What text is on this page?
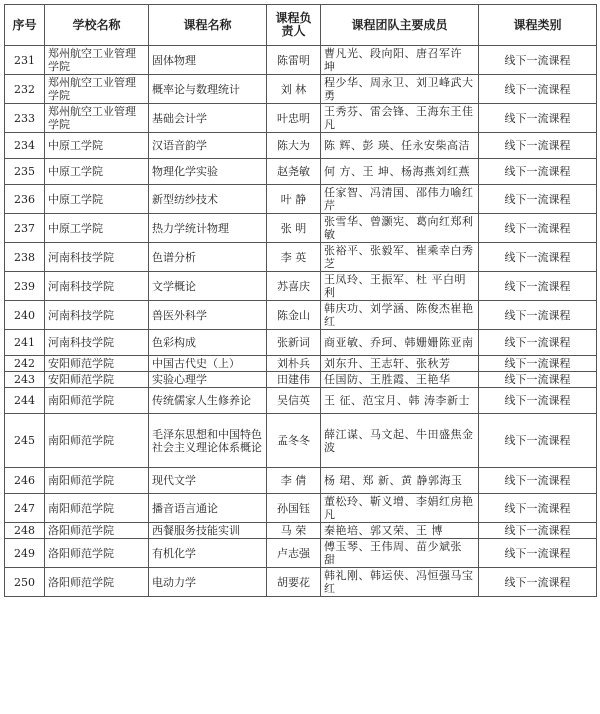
序号	学校名称	课程名称	课程负责人	课程团队主要成员	课程类别
231	郑州航空工业管理学院	固体物理	陈雷明	曹凡光、段向阳、唐召军许 坤	线下一流课程
232	郑州航空工业管理学院	概率论与数理统计	刘 林	程少华、周永卫、刘卫峰武大勇	线下一流课程
233	郑州航空工业管理学院	基础会计学	叶忠明	王秀芬、雷会锋、王海东王佳凡	线下一流课程
234	中原工学院	汉语音韵学	陈大为	陈 辉、彭 瑛、任永安柴高洁	线下一流课程
235	中原工学院	物理化学实验	赵尧敏	何 方、王 坤、杨海燕刘红燕	线下一流课程
236	中原工学院	新型纺纱技术	叶 静	任家智、冯清国、邵伟力喻红芹	线下一流课程
237	中原工学院	热力学统计物理	张 明	张雪华、曾灏宪、葛向红郑利敏	线下一流课程
238	河南科技学院	色谱分析	李 英	张裕平、张毅军、崔乘幸白秀芝	线下一流课程
239	河南科技学院	文学概论	苏喜庆	王凤玲、王振军、杜 平白明利	线下一流课程
240	河南科技学院	兽医外科学	陈金山	韩庆功、刘学涵、陈俊杰崔艳红	线下一流课程
241	河南科技学院	色彩构成	张新词	商亚敏、乔珂、韩姗姗陈亚南	线下一流课程
242	安阳师范学院	中国古代史（上）	刘朴兵	刘东升、王志轩、张秋芳	线下一流课程
243	安阳师范学院	实验心理学	田建伟	任国防、王胜霞、王艳华	线下一流课程
244	南阳师范学院	传统儒家人生修养论	吴信英	王 征、范宝月、韩 涛李新士	线下一流课程
245	南阳师范学院	毛泽东思想和中国特色社会主义理论体系概论	孟冬冬	薛江谋、马文起、牛田盛焦金波	线下一流课程
246	南阳师范学院	现代文学	李 倩	杨 珺、郑 新、黄 静郭海玉	线下一流课程
247	南阳师范学院	播音语言通论	孙国钰	董松玲、靳义增、李娟红房艳凡	线下一流课程
248	洛阳师范学院	西餐服务技能实训	马 荣	秦艳培、郭又荣、王 博	线下一流课程
249	洛阳师范学院	有机化学	卢志强	傅玉琴、王伟周、苗少斌张 甜	线下一流课程
250	洛阳师范学院	电动力学	胡要花	韩礼刚、韩运侠、冯恒强马宝红	线下一流课程
